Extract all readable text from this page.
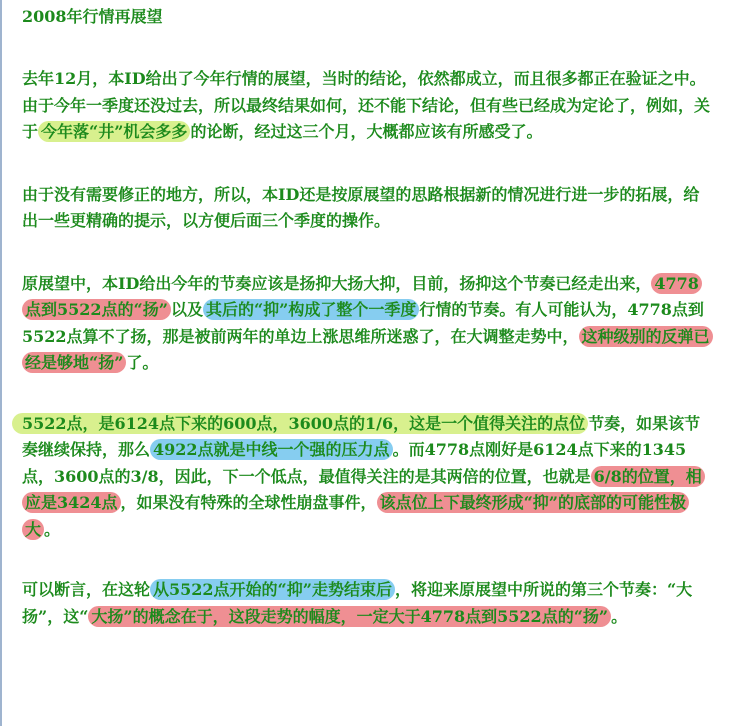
2008年行情再展望

去年12月，本ID给出了今年行情的展望，当时的结论，依然都成立，而且很多都正在验证之中。由于今年一季度还没过去，所以最终结果如何，还不能下结论，但有些已经成为定论了，例如，关于 今年落“井”机会多多 的论断，经过这三个月，大概都应该有所感受了。

由于没有需要修正的地方，所以，本ID还是按原展望的思路根据新的情况进行进一步的拓展，给出一些更精确的提示，以方便后面三个季度的操作。

原展望中，本ID给出今年的节奏应该是扬抑大扬大抑，目前，扬抑这个节奏已经走出来， 4778点到5522点的“扬” 以及 其后的“抑”构成了整个一季度 行情的节奏。有人可能认为，4778点到5522点算不了扬，那是被前两年的单边上涨思维所迷惑了，在大调整走势中， 这种级别的反弹已经是够地“扬” 了。

5522点，是6124点下来的600点，3600点的1/6，这是一个值得关注的点位 节奏，如果该节奏继续保持，那么 4922点就是中线一个强的压力点 。而4778点刚好是6124点下来的1345点，3600点的3/8，因此，下一个低点，最值得关注的是其两倍的位置，也就是 6/8的位置，相应是3424点 ，如果没有特殊的全球性崩盘事件， 该点位上下最终形成“抑”的底部的可能性极大 。

可以断言，在这轮 从5522点开始的“抑”走势结束后 ，将迎来原展望中所说的第三个节奏：“大扬”，这“ 大扬”的概念在于，这段走势的幅度，一定大于4778点到5522点的“扬” 。
